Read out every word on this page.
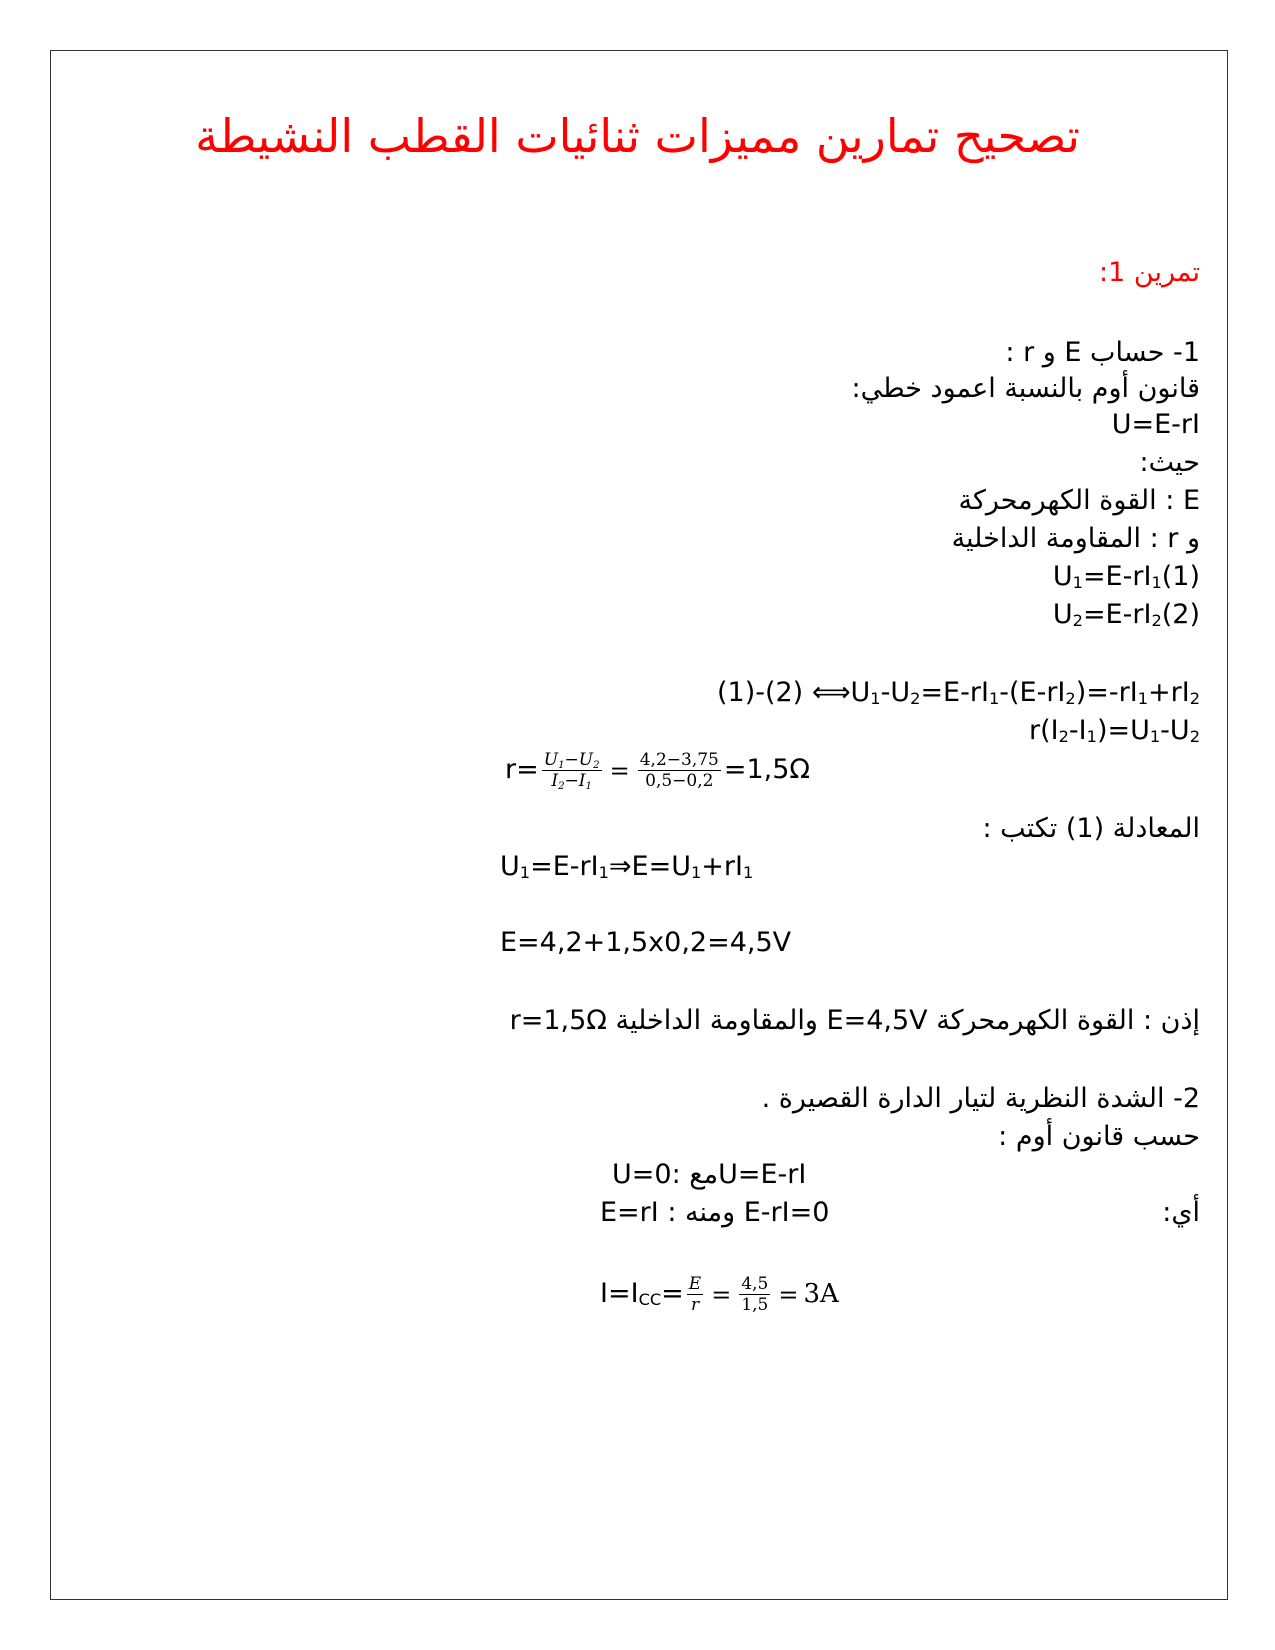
تصحيح تمارين مميزات ثنائيات القطب النشيطة
تمرين 1:
1- حساب E و r :
قانون أوم بالنسبة اعمود خطي:
U=E-rI
حيث:
E : القوة الكهرمحركة
و r : المقاومة الداخلية
$U_1=E-rI_1(1)$
$U_2=E-rI_2(2)$
(1)-(2) $⟺U_1-U_2=E-rI_1-(E-rI_2)=-rI_1+rI_2$
$r(I_2-I_1)=U_1-U_2$
$r= \frac{U_1-U_2}{I_2-I_1} = \frac{4,2-3,75}{0,5-0,2} =1,5\Omega$
المعادلة (1) تكتب :
$U_1=E-rI_1\Rightarrow E=U_1+rI_1$
E=4,2+1,5x0,2=4,5V
إذن : القوة الكهرمحركة E=4,5V والمقاومة الداخلية r=1,5Ω
2- الشدة النظرية لتيار الدارة القصيرة .
حسب قانون أوم :
U=E-rIمع :U=0
أي:
E-rI=0 ومنه : E=rI
$I=I_{CC}= \frac{E}{r} = \frac{4,5}{1,5} = 3A$
